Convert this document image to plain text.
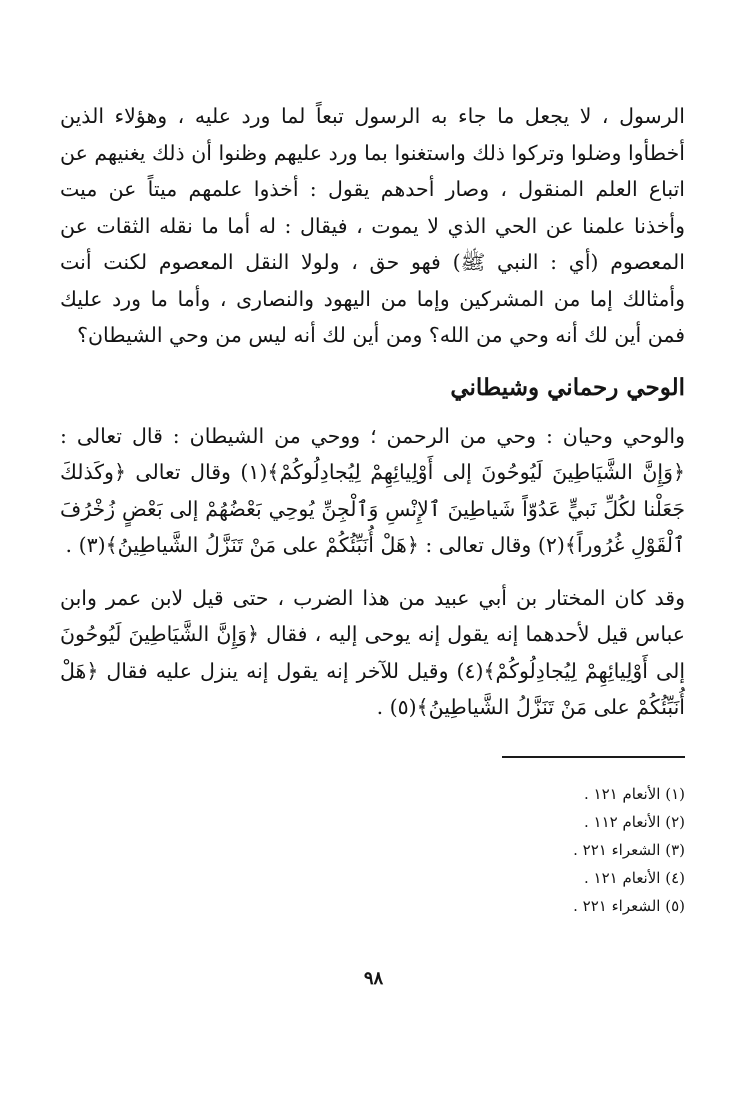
الرسول ، لا يجعل ما جاء به الرسول تبعاً لما ورد عليه ، وهؤلاء الذين أخطأوا وضلوا وتركوا ذلك واستغنوا بما ورد عليهم وظنوا أن ذلك يغنيهم عن اتباع العلم المنقول ، وصار أحدهم يقول : أخذوا علمهم ميتاً عن ميت وأخذنا علمنا عن الحي الذي لا يموت ، فيقال : له أما ما نقله الثقات عن المعصوم (أي : النبي ﷺ) فهو حق ، ولولا النقل المعصوم لكنت أنت وأمثالك إما من المشركين وإما من اليهود والنصارى ، وأما ما ورد عليك فمن أين لك أنه وحي من الله؟ ومن أين لك أنه ليس من وحي الشيطان؟

الوحي رحماني وشيطاني

والوحي وحيان : وحي من الرحمن ؛ ووحي من الشيطان : قال تعالى : ﴿وَإِنَّ الشَّيَاطِينَ لَيُوحُونَ إلى أَوْلِيائِهِمْ لِيُجادِلُوكُمْ﴾(١) وقال تعالى ﴿وكَذلكَ جَعَلْنا لكُلِّ نَبيٍّ عَدُوّاً شَياطِينَ ٱلإِنْسِ وَٱلْجِنِّ يُوحِي بَعْضُهُمْ إلى بَعْضٍ زُخْرُفَ ٱلْقَوْلِ غُرُوراً﴾(٢) وقال تعالى : ﴿هَلْ أُنَبِّئُكُمْ على مَنْ تَنَزَّلُ الشَّياطِينُ﴾(٣) .

وقد كان المختار بن أبي عبيد من هذا الضرب ، حتى قيل لابن عمر وابن عباس قيل لأحدهما إنه يقول إنه يوحى إليه ، فقال ﴿وَإِنَّ الشَّيَاطِينَ لَيُوحُونَ إلى أَوْلِيائِهِمْ لِيُجادِلُوكُمْ﴾(٤) وقيل للآخر إنه يقول إنه ينزل عليه فقال ﴿هَلْ أُنَبِّئُكُمْ على مَنْ تَنَزَّلُ الشَّياطِينُ﴾(٥) .

(١) الأنعام ١٢١ .
(٢) الأنعام ١١٢ .
(٣) الشعراء ٢٢١ .
(٤) الأنعام ١٢١ .
(٥) الشعراء ٢٢١ .
٩٨
